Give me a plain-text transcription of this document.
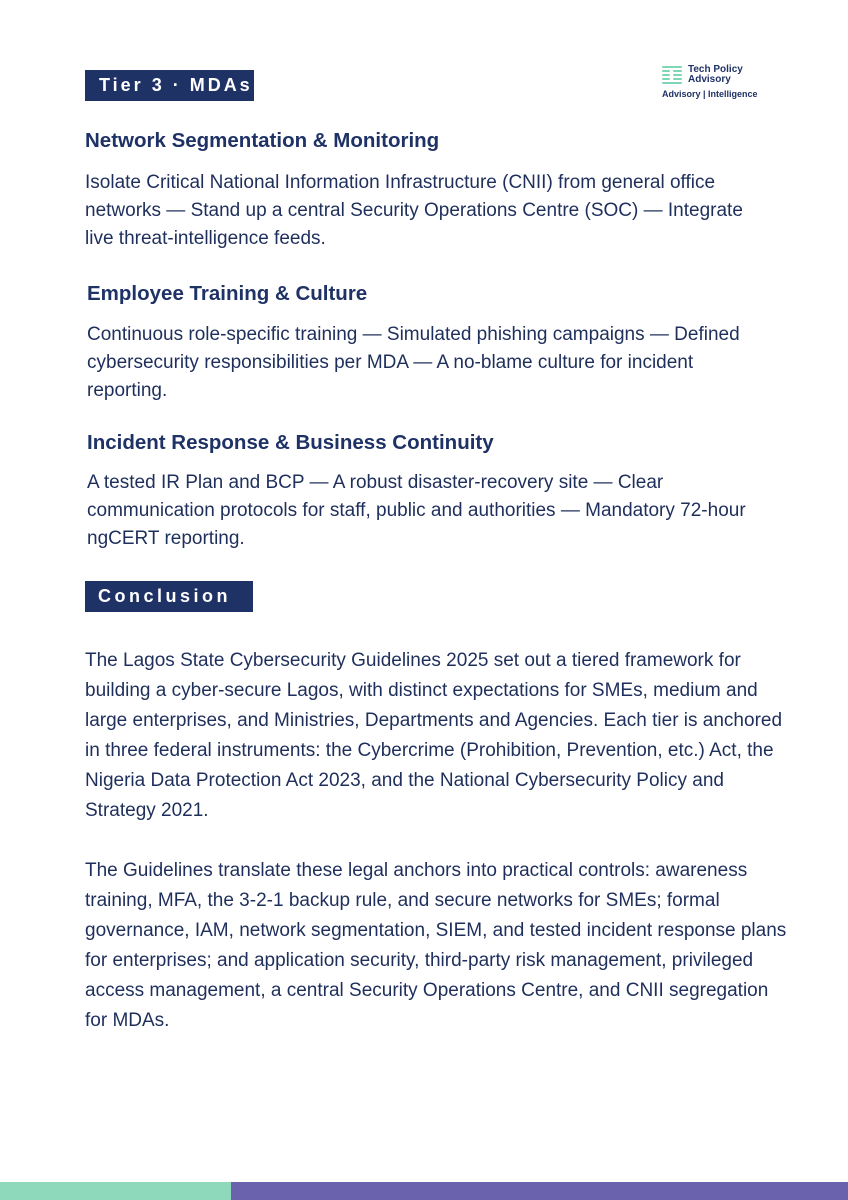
Tier 3 · MDAs
Tech Policy Advisory
Advisory | Intelligence
Network Segmentation & Monitoring

Isolate Critical National Information Infrastructure (CNII) from general office networks — Stand up a central Security Operations Centre (SOC) — Integrate live threat-intelligence feeds.

Employee Training & Culture

Continuous role-specific training — Simulated phishing campaigns — Defined cybersecurity responsibilities per MDA — A no-blame culture for incident reporting.

Incident Response & Business Continuity

A tested IR Plan and BCP — A robust disaster-recovery site — Clear communication protocols for staff, public and authorities — Mandatory 72-hour ngCERT reporting.

Conclusion

The Lagos State Cybersecurity Guidelines 2025 set out a tiered framework for building a cyber-secure Lagos, with distinct expectations for SMEs, medium and large enterprises, and Ministries, Departments and Agencies. Each tier is anchored in three federal instruments: the Cybercrime (Prohibition, Prevention, etc.) Act, the Nigeria Data Protection Act 2023, and the National Cybersecurity Policy and Strategy 2021.

The Guidelines translate these legal anchors into practical controls: awareness training, MFA, the 3-2-1 backup rule, and secure networks for SMEs; formal governance, IAM, network segmentation, SIEM, and tested incident response plans for enterprises; and application security, third-party risk management, privileged access management, a central Security Operations Centre, and CNII segregation for MDAs.
